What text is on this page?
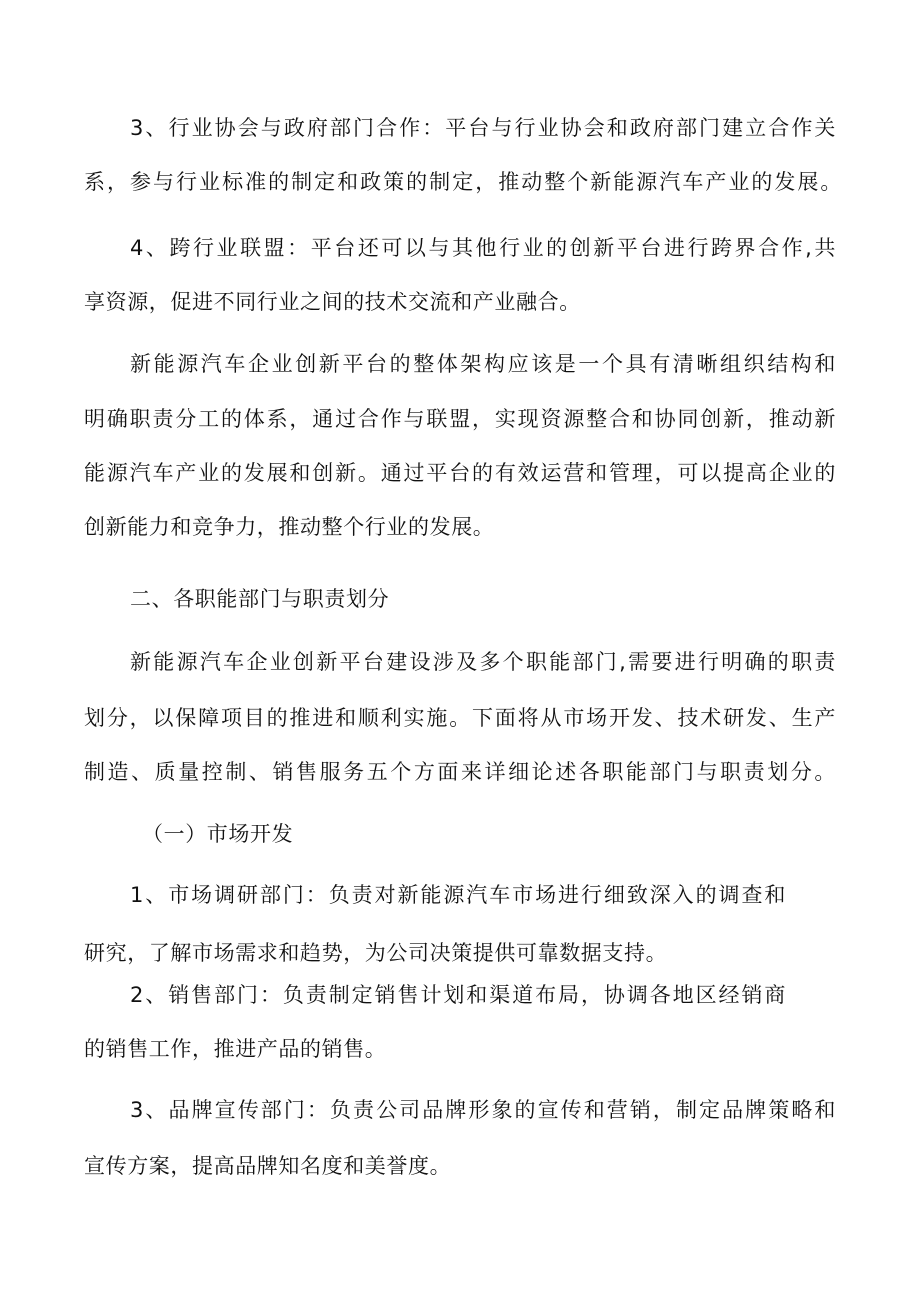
3、行业协会与政府部门合作：平台与行业协会和政府部门建立合作关
系，参与行业标准的制定和政策的制定，推动整个新能源汽车产业的发展。
4、跨行业联盟：平台还可以与其他行业的创新平台进行跨界合作,共
享资源，促进不同行业之间的技术交流和产业融合。
新能源汽车企业创新平台的整体架构应该是一个具有清晰组织结构和
明确职责分工的体系，通过合作与联盟，实现资源整合和协同创新，推动新
能源汽车产业的发展和创新。通过平台的有效运营和管理，可以提高企业的
创新能力和竞争力，推动整个行业的发展。
二、各职能部门与职责划分
新能源汽车企业创新平台建设涉及多个职能部门,需要进行明确的职责
划分，以保障项目的推进和顺利实施。下面将从市场开发、技术研发、生产
制造、质量控制、销售服务五个方面来详细论述各职能部门与职责划分。
（一）市场开发
1、市场调研部门：负责对新能源汽车市场进行细致深入的调查和
研究，了解市场需求和趋势，为公司决策提供可靠数据支持。
2、销售部门：负责制定销售计划和渠道布局，协调各地区经销商
的销售工作，推进产品的销售。
3、品牌宣传部门：负责公司品牌形象的宣传和营销，制定品牌策略和
宣传方案，提高品牌知名度和美誉度。
